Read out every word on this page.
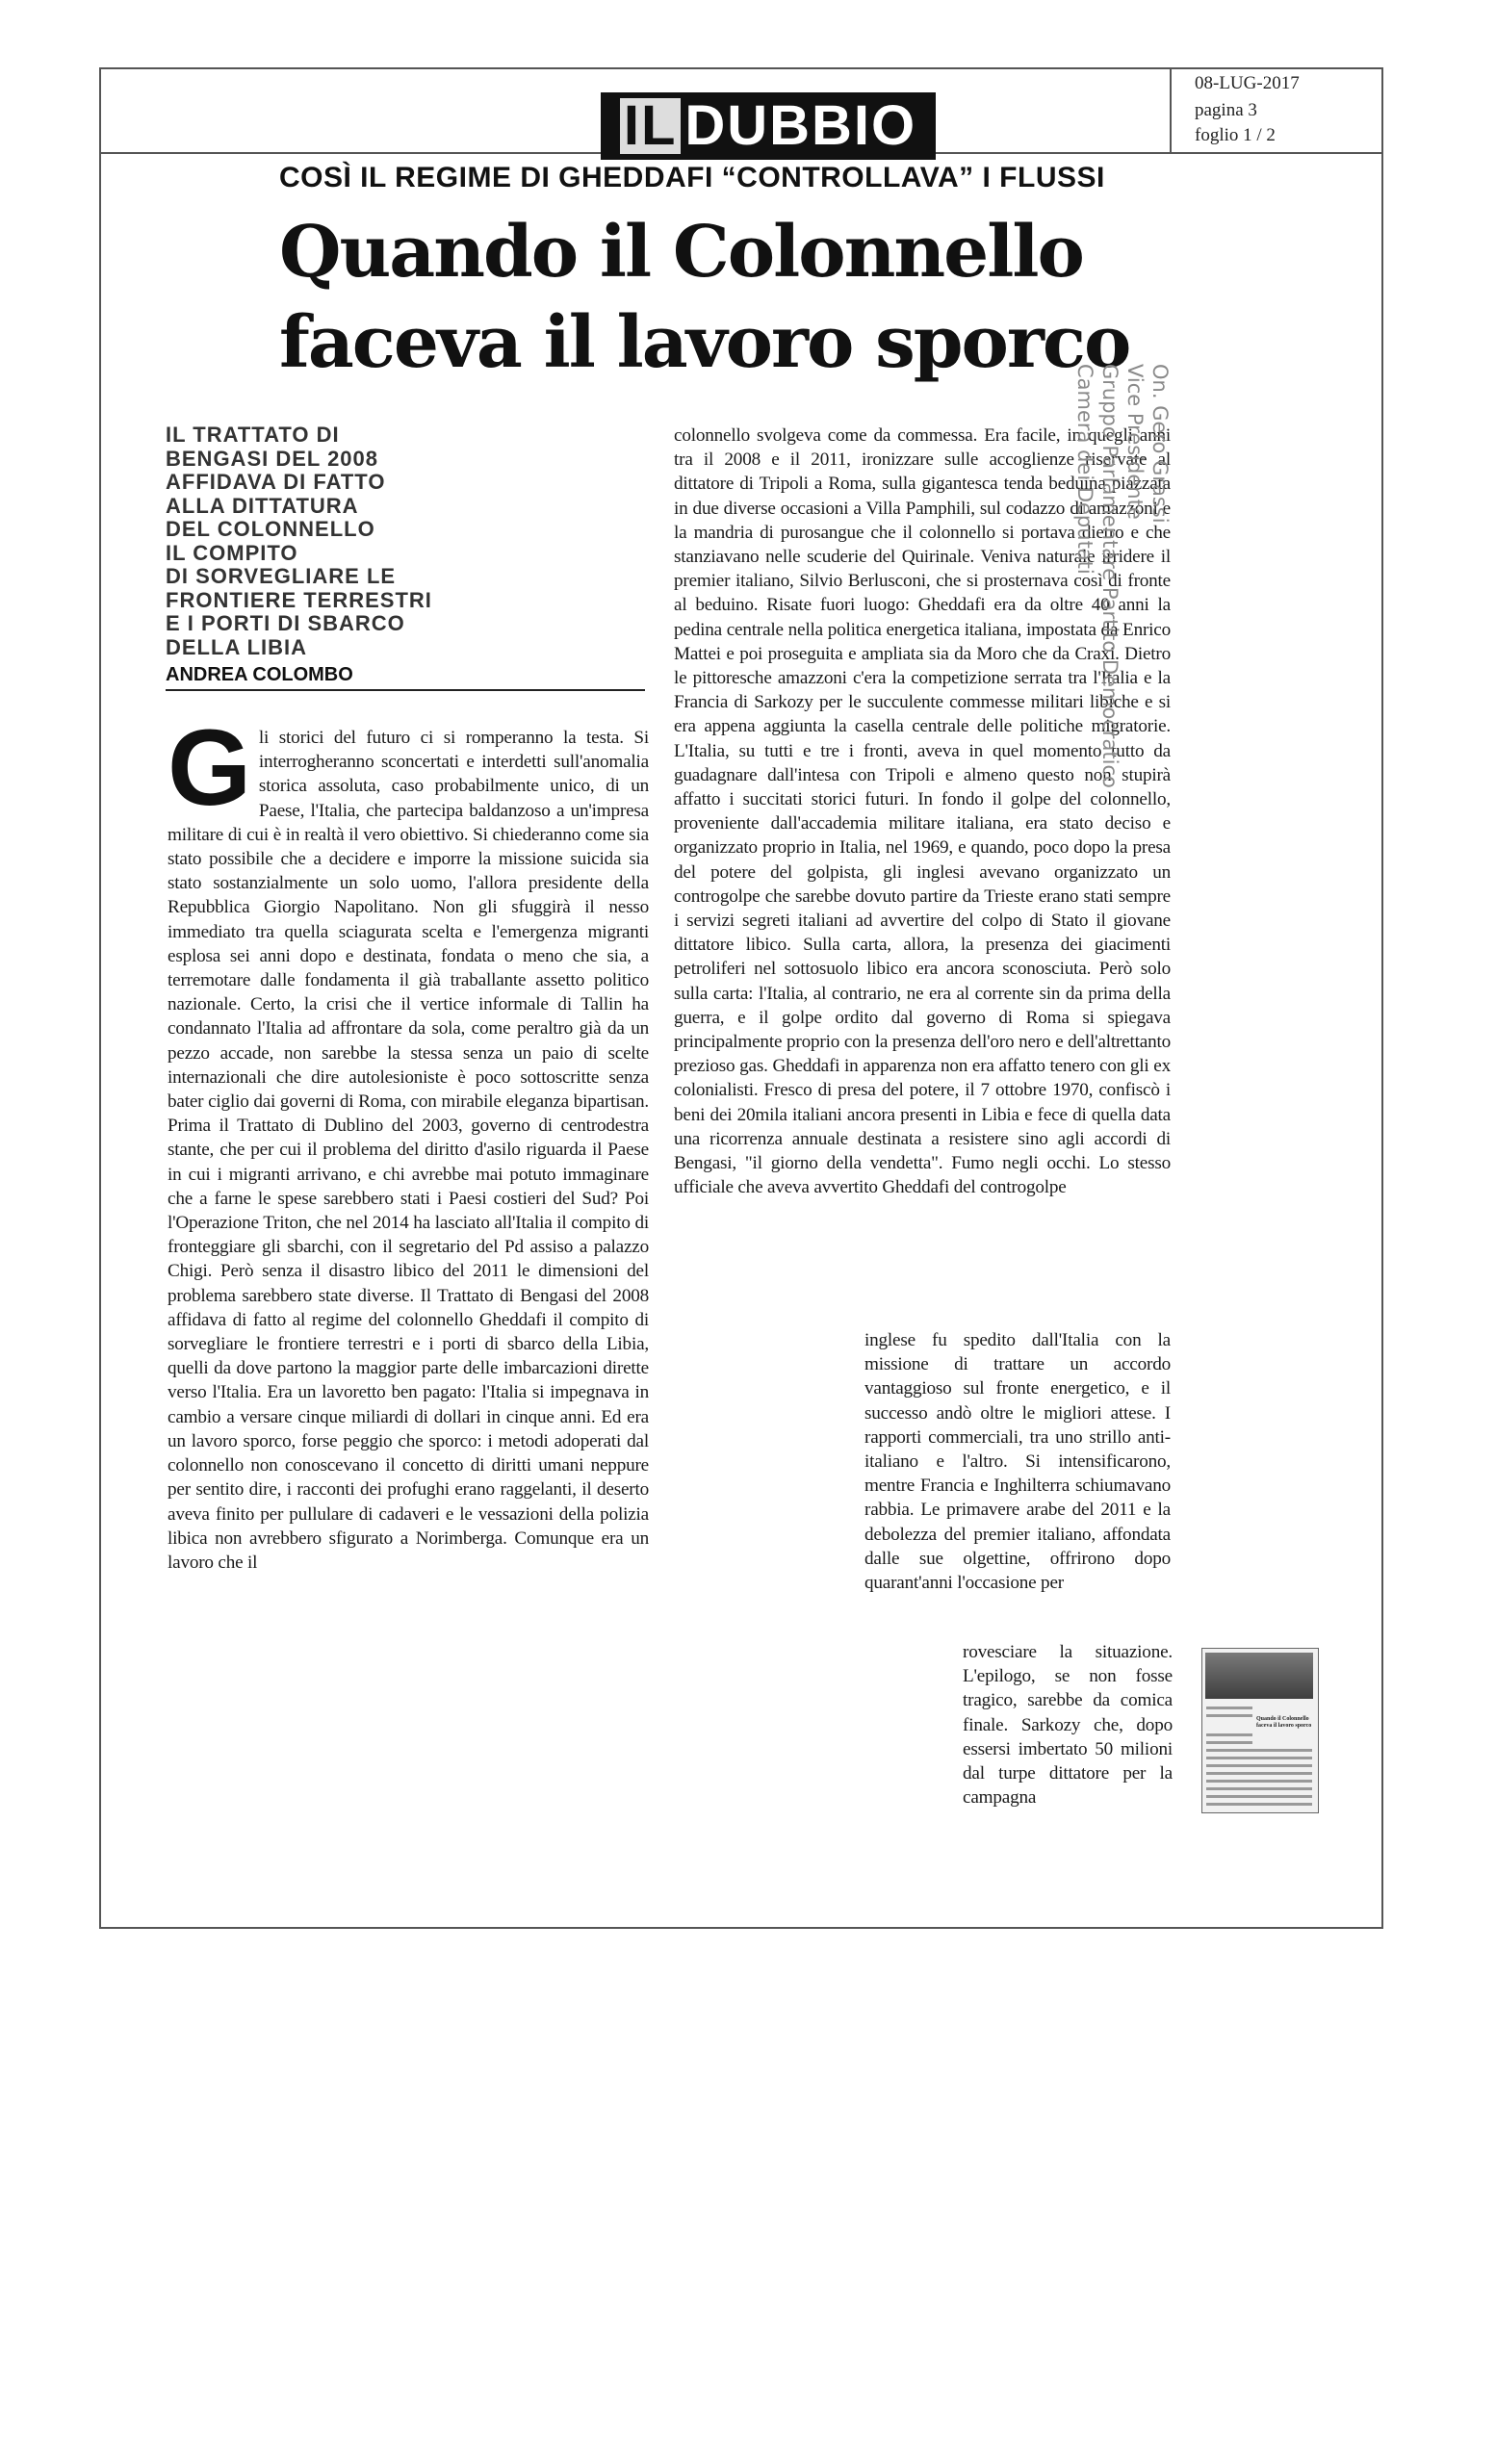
08-LUG-2017
pagina 3
foglio 1 / 2
IL DUBBIO
COSÌ IL REGIME DI GHEDDAFI “CONTROLLAVA” I FLUSSI
Quando il Colonnello
faceva il lavoro sporco
IL TRATTATO DI
BENGASI DEL 2008
AFFIDAVA DI FATTO
ALLA DITTATURA
DEL COLONNELLO
IL COMPITO
DI SORVEGLIARE LE
FRONTIERE TERRESTRI
E I PORTI DI SBARCO
DELLA LIBIA
ANDREA COLOMBO
Gli storici del futuro ci si romperanno la testa. Si interrogheranno sconcertati e interdetti sull'anomalia storica assoluta, caso probabilmente unico, di un Paese, l'Italia, che partecipa baldanzoso a un'impresa militare di cui è in realtà il vero obiettivo. Si chiederanno come sia stato possibile che a decidere e imporre la missione suicida sia stato sostanzialmente un solo uomo, l'allora presidente della Repubblica Giorgio Napolitano. Non gli sfuggirà il nesso immediato tra quella sciagurata scelta e l'emergenza migranti esplosa sei anni dopo e destinata, fondata o meno che sia, a terremotare dalle fondamenta il già traballante assetto politico nazionale. Certo, la crisi che il vertice informale di Tallin ha condannato l'Italia ad affrontare da sola, come peraltro già da un pezzo accade, non sarebbe la stessa senza un paio di scelte internazionali che dire autolesioniste è poco sottoscritte senza bater ciglio dai governi di Roma, con mirabile eleganza bipartisan. Prima il Trattato di Dublino del 2003, governo di centrodestra stante, che per cui il problema del diritto d'asilo riguarda il Paese in cui i migranti arrivano, e chi avrebbe mai potuto immaginare che a farne le spese sarebbero stati i Paesi costieri del Sud? Poi l'Operazione Triton, che nel 2014 ha lasciato all'Italia il compito di fronteggiare gli sbarchi, con il segretario del Pd assiso a palazzo Chigi. Però senza il disastro libico del 2011 le dimensioni del problema sarebbero state diverse. Il Trattato di Bengasi del 2008 affidava di fatto al regime del colonnello Gheddafi il compito di sorvegliare le frontiere terrestri e i porti di sbarco della Libia, quelli da dove partono la maggior parte delle imbarcazioni dirette verso l'Italia. Era un lavoretto ben pagato: l'Italia si impegnava in cambio a versare cinque miliardi di dollari in cinque anni. Ed era un lavoro sporco, forse peggio che sporco: i metodi adoperati dal colonnello non conoscevano il concetto di diritti umani neppure per sentito dire, i racconti dei profughi erano raggelanti, il deserto aveva finito per pullulare di cadaveri e le vessazioni della polizia libica non avrebbero sfigurato a Norimberga. Comunque era un lavoro che il
colonnello svolgeva come da commessa. Era facile, in quegli anni tra il 2008 e il 2011, ironizzare sulle accoglienze riservate al dittatore di Tripoli a Roma, sulla gigantesca tenda beduina piazzata in due diverse occasioni a Villa Pamphili, sul codazzo di amazzoni e la mandria di purosangue che il colonnello si portava dietro e che stanziavano nelle scuderie del Quirinale. Veniva naturale irridere il premier italiano, Silvio Berlusconi, che si prosternava così di fronte al beduino. Risate fuori luogo: Gheddafi era da oltre 40 anni la pedina centrale nella politica energetica italiana, impostata da Enrico Mattei e poi proseguita e ampliata sia da Moro che da Craxi. Dietro le pittoresche amazzoni c'era la competizione serrata tra l'Italia e la Francia di Sarkozy per le succulente commesse militari libiche e si era appena aggiunta la casella centrale delle politiche migratorie. L'Italia, su tutti e tre i fronti, aveva in quel momento tutto da guadagnare dall'intesa con Tripoli e almeno questo non stupirà affatto i succitati storici futuri. In fondo il golpe del colonnello, proveniente dall'accademia militare italiana, era stato deciso e organizzato proprio in Italia, nel 1969, e quando, poco dopo la presa del potere del golpista, gli inglesi avevano organizzato un controgolpe che sarebbe dovuto partire da Trieste erano stati sempre i servizi segreti italiani ad avvertire del colpo di Stato il giovane dittatore libico. Sulla carta, allora, la presenza dei giacimenti petroliferi nel sottosuolo libico era ancora sconosciuta. Però solo sulla carta: l'Italia, al contrario, ne era al corrente sin da prima della guerra, e il golpe ordito dal governo di Roma si spiegava principalmente proprio con la presenza dell'oro nero e dell'altrettanto prezioso gas. Gheddafi in apparenza non era affatto tenero con gli ex colonialisti. Fresco di presa del potere, il 7 ottobre 1970, confiscò i beni dei 20mila italiani ancora presenti in Libia e fece di quella data una ricorrenza annuale destinata a resistere sino agli accordi di Bengasi, "il giorno della vendetta". Fumo negli occhi. Lo stesso ufficiale che aveva avvertito Gheddafi del controgolpe
inglese fu spedito dall'Italia con la missione di trattare un accordo vantaggioso sul fronte energetico, e il successo andò oltre le migliori attese. I rapporti commerciali, tra uno strillo anti-italiano e l'altro. Si intensificarono, mentre Francia e Inghilterra schiumavano rabbia. Le primavere arabe del 2011 e la debolezza del premier italiano, affondata dalle sue olgettine, offrirono dopo quarant'anni l'occasione per
rovesciare la situazione. L'epilogo, se non fosse tragico, sarebbe da comica finale. Sarkozy che, dopo essersi imbertato 50 milioni dal turpe dittatore per la campagna
On. Gero Grassi
Vice Presidente
Gruppo Parlamentare Partito Democratico
Camera dei Deputati
Quando il Colonnello faceva il lavoro sporco
